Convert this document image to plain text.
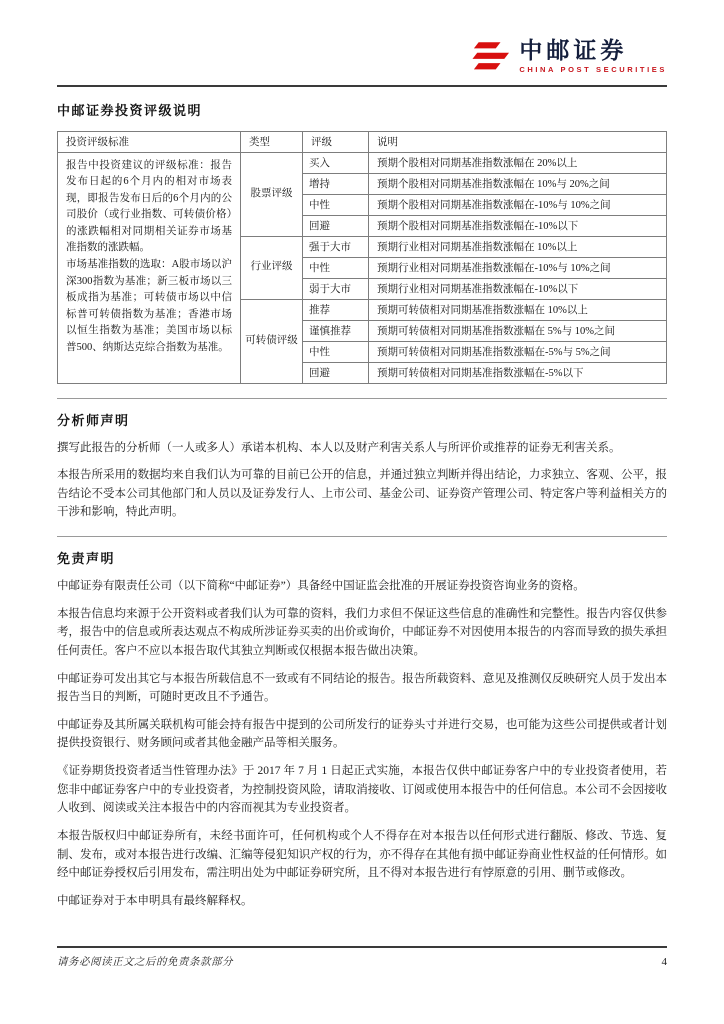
中邮证券
CHINA POST SECURITIES
中邮证券投资评级说明
投资评级标准	类型	评级	说明

报告中投资建议的评级标准：报告发布日起的6个月内的相对市场表现，即报告发布日后的6个月内的公司股价（或行业指数、可转债价格）的涨跌幅相对同期相关证券市场基准指数的涨跌幅。
市场基准指数的选取：A股市场以沪深300指数为基准；新三板市场以三板成指为基准；可转债市场以中信标普可转债指数为基准；香港市场以恒生指数为基准；美国市场以标普500、纳斯达克综合指数为基准。	股票评级	买入	预期个股相对同期基准指数涨幅在 20%以上
		增持	预期个股相对同期基准指数涨幅在 10%与 20%之间
		中性	预期个股相对同期基准指数涨幅在-10%与 10%之间
		回避	预期个股相对同期基准指数涨幅在-10%以下
	行业评级	强于大市	预期行业相对同期基准指数涨幅在 10%以上
		中性	预期行业相对同期基准指数涨幅在-10%与 10%之间
		弱于大市	预期行业相对同期基准指数涨幅在-10%以下
	可转债评级	推荐	预期可转债相对同期基准指数涨幅在 10%以上
		谨慎推荐	预期可转债相对同期基准指数涨幅在 5%与 10%之间
		中性	预期可转债相对同期基准指数涨幅在-5%与 5%之间
		回避	预期可转债相对同期基准指数涨幅在-5%以下
分析师声明

撰写此报告的分析师（一人或多人）承诺本机构、本人以及财产利害关系人与所评价或推荐的证券无利害关系。

本报告所采用的数据均来自我们认为可靠的目前已公开的信息，并通过独立判断并得出结论，力求独立、客观、公平，报告结论不受本公司其他部门和人员以及证券发行人、上市公司、基金公司、证券资产管理公司、特定客户等利益相关方的干涉和影响，特此声明。

免责声明

中邮证券有限责任公司（以下简称“中邮证券”）具备经中国证监会批准的开展证券投资咨询业务的资格。

本报告信息均来源于公开资料或者我们认为可靠的资料，我们力求但不保证这些信息的准确性和完整性。报告内容仅供参考，报告中的信息或所表达观点不构成所涉证券买卖的出价或询价，中邮证券不对因使用本报告的内容而导致的损失承担任何责任。客户不应以本报告取代其独立判断或仅根据本报告做出决策。

中邮证券可发出其它与本报告所载信息不一致或有不同结论的报告。报告所载资料、意见及推测仅反映研究人员于发出本报告当日的判断，可随时更改且不予通告。

中邮证券及其所属关联机构可能会持有报告中提到的公司所发行的证券头寸并进行交易，也可能为这些公司提供或者计划提供投资银行、财务顾问或者其他金融产品等相关服务。

《证券期货投资者适当性管理办法》于 2017 年 7 月 1 日起正式实施，本报告仅供中邮证券客户中的专业投资者使用，若您非中邮证券客户中的专业投资者，为控制投资风险，请取消接收、订阅或使用本报告中的任何信息。本公司不会因接收人收到、阅读或关注本报告中的内容而视其为专业投资者。

本报告版权归中邮证券所有，未经书面许可，任何机构或个人不得存在对本报告以任何形式进行翻版、修改、节选、复制、发布，或对本报告进行改编、汇编等侵犯知识产权的行为，亦不得存在其他有损中邮证券商业性权益的任何情形。如经中邮证券授权后引用发布，需注明出处为中邮证券研究所，且不得对本报告进行有悖原意的引用、删节或修改。

中邮证券对于本申明具有最终解释权。

请务必阅读正文之后的免责条款部分	4
